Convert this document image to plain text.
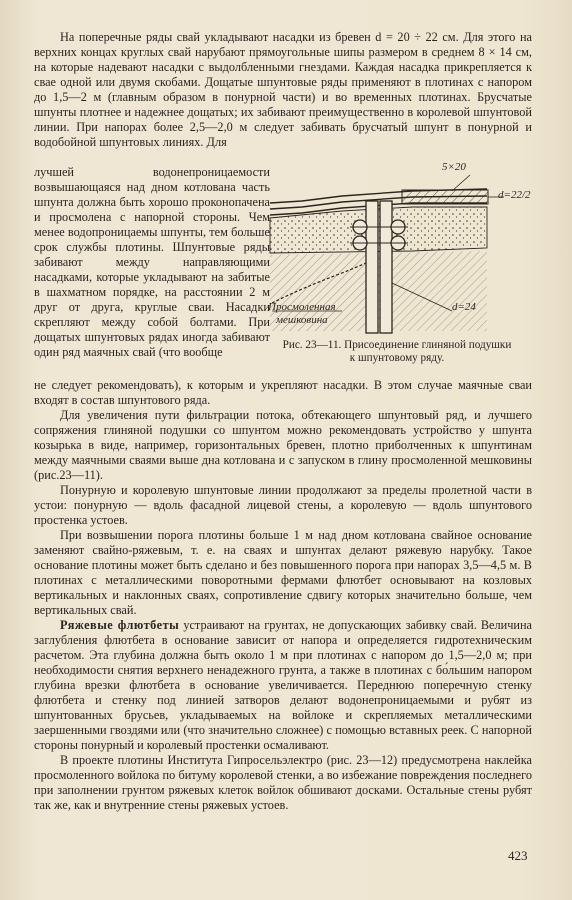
На поперечные ряды свай укладывают насадки из бревен d = 20 ÷ 22 см. Для этого на верхних концах круглых свай нарубают прямоугольные шипы размером в среднем 8 × 14 см, на которые надевают насадки с выдолбленными гнездами. Каждая насадка прикрепляется к свае одной или двумя скобами. Дощатые шпунтовые ряды применяют в плотинах с напором до 1,5—2 м (главным образом в понурной части) и во временных плотинах. Брусчатые шпунты плотнее и надежнее дощатых; их забивают преимущественно в королевой шпунтовой линии. При напорах более 2,5—2,0 м следует забивать брусчатый шпунт в понурной и водобойной шпунтовых линиях. Для

лучшей водонепроницаемости возвышающаяся над дном котлована часть шпунта должна быть хорошо проконопачена и просмолена с напорной стороны. Чем менее водопроницаемы шпунты, тем больше срок службы плотины. Шпунтовые ряды забивают между направляющими насадками, которые укладывают на забитые в шахматном порядке, на расстоянии 2 м друг от друга, круглые сваи. Насадки скрепляют между собой болтами. При дощатых шпунтовых рядах иногда забивают один ряд маячных свай (что вообще

5×20
d=22/2
d=24
Просмоленная
мешковина
Рис. 23—11. Присоединение глиняной подушки
к шпунтовому ряду.

не следует рекомендовать), к которым и укрепляют насадки. В этом случае маячные сваи входят в состав шпунтового ряда.

Для увеличения пути фильтрации потока, обтекающего шпунтовый ряд, и лучшего сопряжения глиняной подушки со шпунтом можно рекомендовать устройство у шпунта козырька в виде, например, горизонтальных бревен, плотно приболченных к шпунтинам между маячными сваями выше дна котлована и с запуском в глину просмоленной мешковины (рис.23—11).

Понурную и королевую шпунтовые линии продолжают за пределы пролетной части в устои: понурную — вдоль фасадной лицевой стены, а королевую — вдоль шпунтового простенка устоев.

При возвышении порога плотины больше 1 м над дном котлована свайное основание заменяют свайно-ряжевым, т. е. на сваях и шпунтах делают ряжевую нарубку. Такое основание плотины может быть сделано и без повышенного порога при напорах 3,5—4,5 м. В плотинах с металлическими поворотными фермами флютбет основывают на козловых вертикальных и наклонных сваях, сопротивление сдвигу которых значительно больше, чем вертикальных свай.

Ряжевые флютбеты устраивают на грунтах, не допускающих забивку свай. Величина заглубления флютбета в основание зависит от напора и определяется гидротехническим расчетом. Эта глубина должна быть около 1 м при плотинах с напором до 1,5—2,0 м; при необходимости снятия верхнего ненадежного грунта, а также в плотинах с бо́льшим напором глубина врезки флютбета в основание увеличивается. Переднюю поперечную стенку флютбета и стенку под линией затворов делают водонепроницаемыми и рубят из шпунтованных брусьев, укладываемых на войлоке и скрепляемых металлическими заершенными гвоздями или (что значительно сложнее) с помощью вставных реек. С напорной стороны понурный и королевый простенки осмаливают.

В проекте плотины Института Гипросельэлектро (рис. 23—12) предусмотрена наклейка просмоленного войлока по битуму королевой стенки, а во избежание повреждения последнего при заполнении грунтом ряжевых клеток войлок обшивают досками. Остальные стены рубят так же, как и внутренние стены ряжевых устоев.

423
